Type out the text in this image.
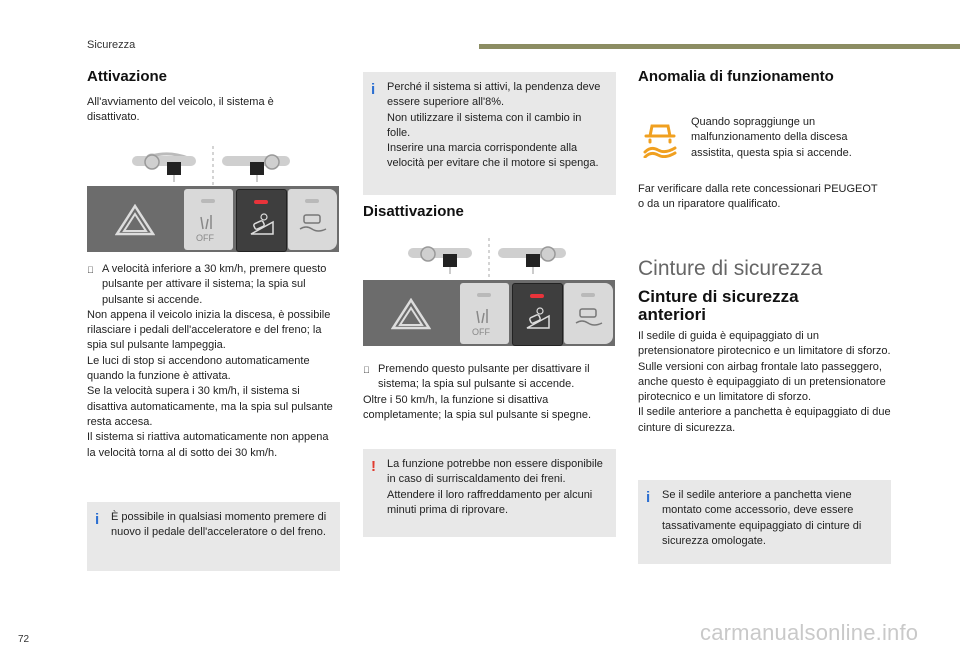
Sicurezza
Attivazione
All'avviamento del veicolo, il sistema è disattivato.
OFF
A velocità inferiore a 30 km/h, premere questo pulsante per attivare il sistema; la spia sul pulsante si accende.

Non appena il veicolo inizia la discesa, è possibile rilasciare i pedali dell'acceleratore e del freno; la spia sul pulsante lampeggia.

Le luci di stop si accendono automaticamente quando la funzione è attivata.

Se la velocità supera i 30 km/h, il sistema si disattiva automaticamente, ma la spia sul pulsante resta accesa.

Il sistema si riattiva automaticamente non appena la velocità torna al di sotto dei 30 km/h.

i È possibile in qualsiasi momento premere di nuovo il pedale dell'acceleratore o del freno.

i Perché il sistema si attivi, la pendenza deve essere superiore all'8%.

Non utilizzare il sistema con il cambio in folle.

Inserire una marcia corrispondente alla velocità per evitare che il motore si spenga.

Disattivazione
OFF
Premendo questo pulsante per disattivare il sistema; la spia sul pulsante si accende.

Oltre i 50 km/h, la funzione si disattiva completamente; la spia sul pulsante si spegne.

! La funzione potrebbe non essere disponibile in caso di surriscaldamento dei freni. Attendere il loro raffreddamento per alcuni minuti prima di riprovare.

Anomalia di funzionamento
Quando sopraggiunge un malfunzionamento della discesa assistita, questa spia si accende.
Far verificare dalla rete concessionari PEUGEOT o da un riparatore qualificato.
Cinture di sicurezza
Cinture di sicurezza anteriori

Il sedile di guida è equipaggiato di un pretensionatore pirotecnico e un limitatore di sforzo.

Sulle versioni con airbag frontale lato passeggero, anche questo è equipaggiato di un pretensionatore pirotecnico e un limitatore di sforzo.

Il sedile anteriore a panchetta è equipaggiato di due cinture di sicurezza.

i Se il sedile anteriore a panchetta viene montato come accessorio, deve essere tassativamente equipaggiato di cinture di sicurezza omologate.

72	carmanualsonline.info
